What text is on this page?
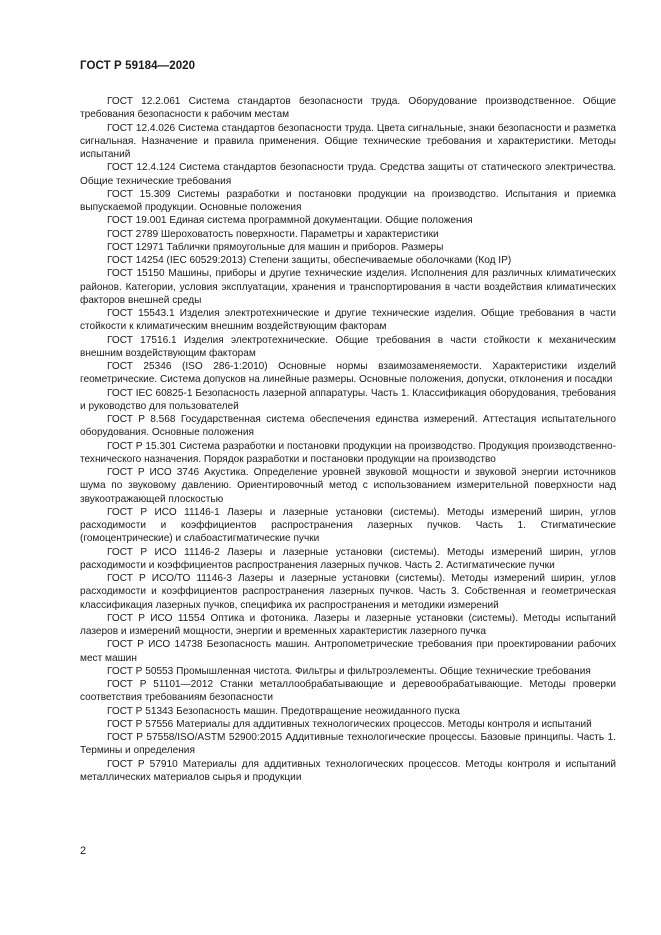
ГОСТ Р 59184—2020
ГОСТ 12.2.061 Система стандартов безопасности труда. Оборудование производственное. Общие требования безопасности к рабочим местам
ГОСТ 12.4.026 Система стандартов безопасности труда. Цвета сигнальные, знаки безопасности и разметка сигнальная. Назначение и правила применения. Общие технические требования и характеристики. Методы испытаний
ГОСТ 12.4.124 Система стандартов безопасности труда. Средства защиты от статического электричества. Общие технические требования
ГОСТ 15.309 Системы разработки и постановки продукции на производство. Испытания и приемка выпускаемой продукции. Основные положения
ГОСТ 19.001 Единая система программной документации. Общие положения
ГОСТ 2789 Шероховатость поверхности. Параметры и характеристики
ГОСТ 12971 Таблички прямоугольные для машин и приборов. Размеры
ГОСТ 14254 (IEC 60529:2013) Степени защиты, обеспечиваемые оболочками (Код IP)
ГОСТ 15150 Машины, приборы и другие технические изделия. Исполнения для различных климатических районов. Категории, условия эксплуатации, хранения и транспортирования в части воздействия климатических факторов внешней среды
ГОСТ 15543.1 Изделия электротехнические и другие технические изделия. Общие требования в части стойкости к климатическим внешним воздействующим факторам
ГОСТ 17516.1 Изделия электротехнические. Общие требования в части стойкости к механическим внешним воздействующим факторам
ГОСТ 25346 (ISO 286-1:2010) Основные нормы взаимозаменяемости. Характеристики изделий геометрические. Система допусков на линейные размеры. Основные положения, допуски, отклонения и посадки
ГОСТ IEC 60825-1 Безопасность лазерной аппаратуры. Часть 1. Классификация оборудования, требования и руководство для пользователей
ГОСТ Р 8.568 Государственная система обеспечения единства измерений. Аттестация испытательного оборудования. Основные положения
ГОСТ Р 15.301 Система разработки и постановки продукции на производство. Продукция производственно-технического назначения. Порядок разработки и постановки продукции на производство
ГОСТ Р ИСО 3746 Акустика. Определение уровней звуковой мощности и звуковой энергии источников шума по звуковому давлению. Ориентировочный метод с использованием измерительной поверхности над звукоотражающей плоскостью
ГОСТ Р ИСО 11146-1 Лазеры и лазерные установки (системы). Методы измерений ширин, углов расходимости и коэффициентов распространения лазерных пучков. Часть 1. Стигматические (гомоцентрические) и слабоастигматические пучки
ГОСТ Р ИСО 11146-2 Лазеры и лазерные установки (системы). Методы измерений ширин, углов расходимости и коэффициентов распространения лазерных пучков. Часть 2. Астигматические пучки
ГОСТ Р ИСО/ТО 11146-3 Лазеры и лазерные установки (системы). Методы измерений ширин, углов расходимости и коэффициентов распространения лазерных пучков. Часть 3. Собственная и геометрическая классификация лазерных пучков, специфика их распространения и методики измерений
ГОСТ Р ИСО 11554 Оптика и фотоника. Лазеры и лазерные установки (системы). Методы испытаний лазеров и измерений мощности, энергии и временных характеристик лазерного пучка
ГОСТ Р ИСО 14738 Безопасность машин. Антропометрические требования при проектировании рабочих мест машин
ГОСТ Р 50553 Промышленная чистота. Фильтры и фильтроэлементы. Общие технические требования
ГОСТ Р 51101—2012 Станки металлообрабатывающие и деревообрабатывающие. Методы проверки соответствия требованиям безопасности
ГОСТ Р 51343 Безопасность машин. Предотвращение неожиданного пуска
ГОСТ Р 57556 Материалы для аддитивных технологических процессов. Методы контроля и испытаний
ГОСТ Р 57558/ISO/ASTM 52900:2015 Аддитивные технологические процессы. Базовые принципы. Часть 1. Термины и определения
ГОСТ Р 57910 Материалы для аддитивных технологических процессов. Методы контроля и испытаний металлических материалов сырья и продукции
2
